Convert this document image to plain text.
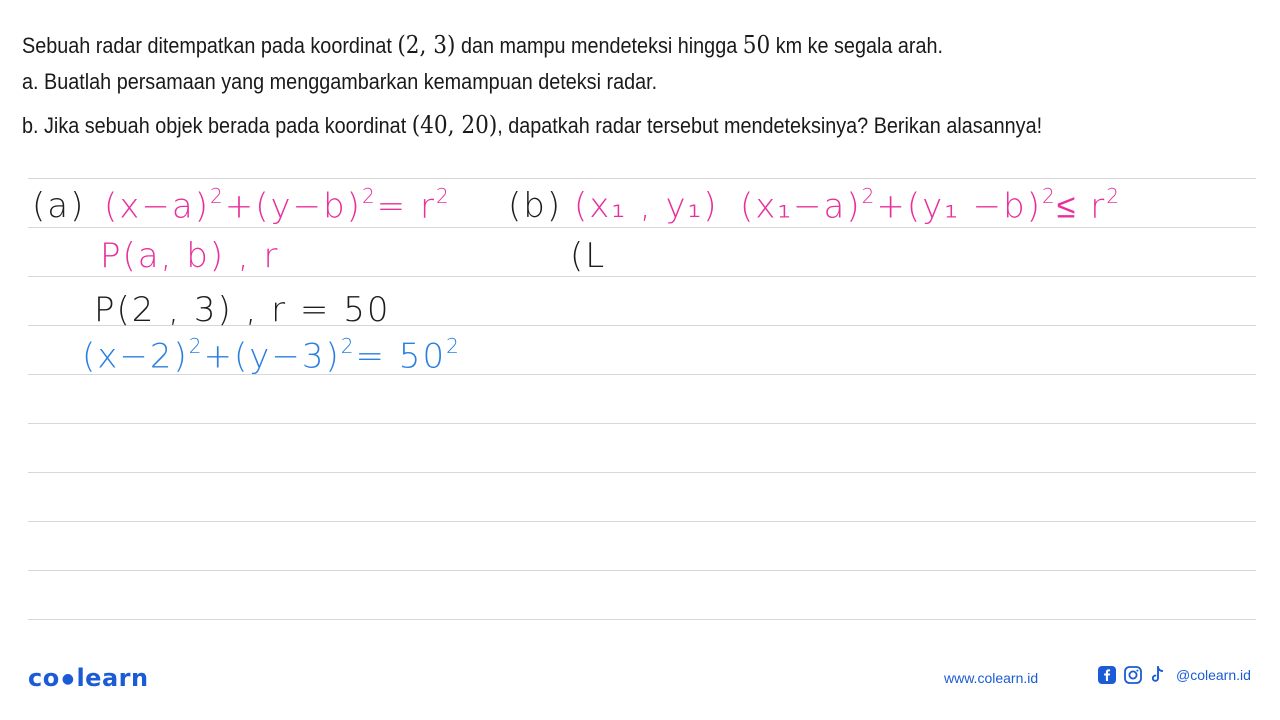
Sebuah radar ditempatkan pada koordinat (2, 3) dan mampu mendeteksi hingga 50 km ke segala arah.
a. Buatlah persamaan yang menggambarkan kemampuan deteksi radar.
b. Jika sebuah objek berada pada koordinat (40, 20), dapatkah radar tersebut mendeteksinya? Berikan alasannya!
(a) $(x-a)^2+(y-b)^2= r^2$
P(a, b) , r
P(2 , 3) , r = 50
$(x-2)^2+(y-3)^2= 50^2$
(b) (x₁ , y₁) $(x_1-a)^2+(y_1 -b)^2\le r^2$
(L
co ●learn	www.colearn.id	@colearn.id
